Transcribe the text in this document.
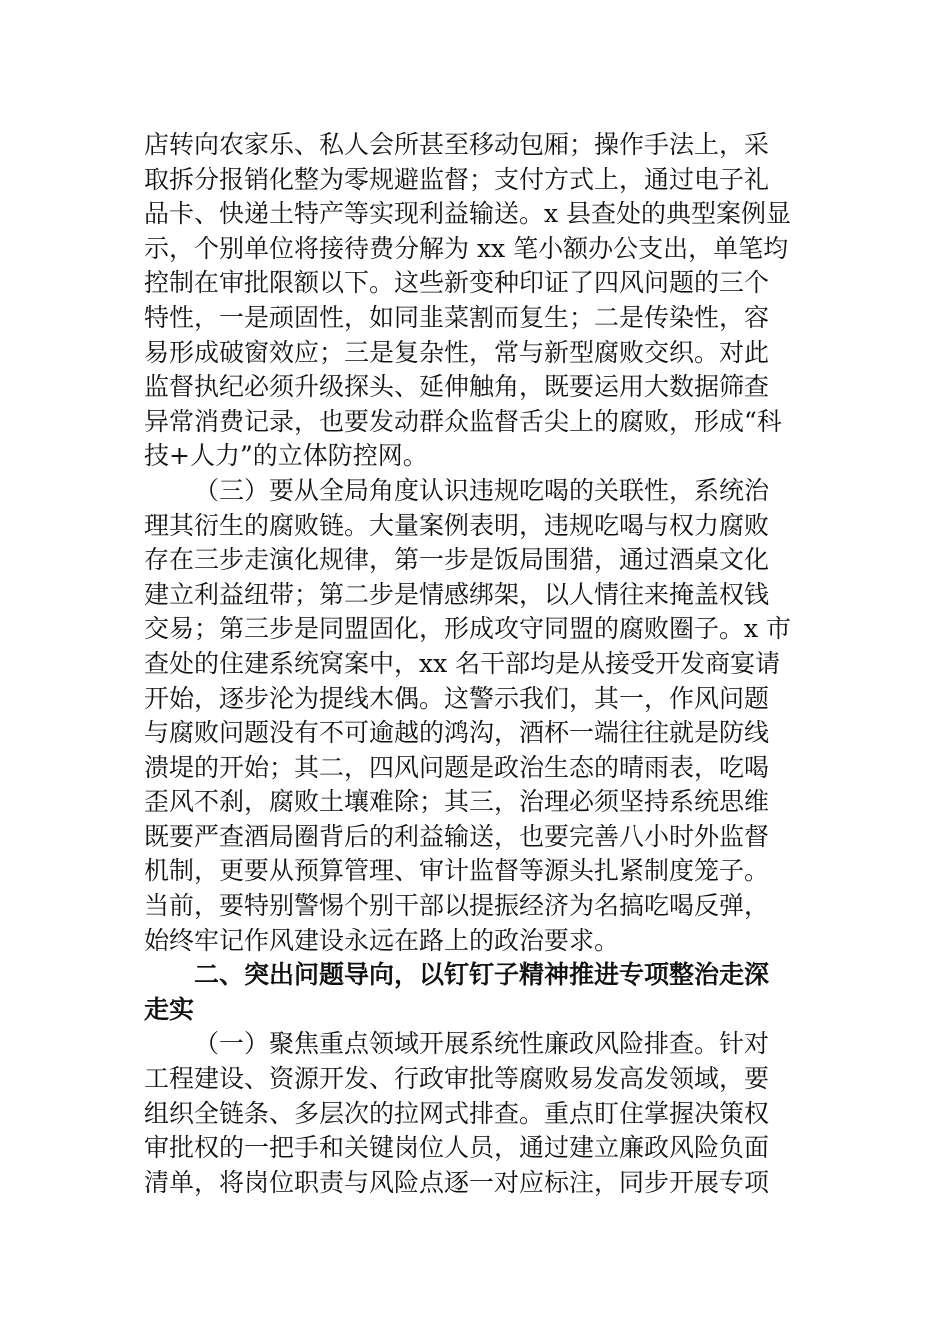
店转向农家乐、私人会所甚至移动包厢；操作手法上，采
取拆分报销化整为零规避监督；支付方式上，通过电子礼
品卡、快递土特产等实现利益输送。x 县查处的典型案例显
示，个别单位将接待费分解为 xx 笔小额办公支出，单笔均
控制在审批限额以下。这些新变种印证了四风问题的三个
特性，一是顽固性，如同韭菜割而复生；二是传染性，容
易形成破窗效应；三是复杂性，常与新型腐败交织。对此
监督执纪必须升级探头、延伸触角，既要运用大数据筛查
异常消费记录，也要发动群众监督舌尖上的腐败，形成“科
技+人力”的立体防控网。
（三）要从全局角度认识违规吃喝的关联性，系统治
理其衍生的腐败链。大量案例表明，违规吃喝与权力腐败
存在三步走演化规律，第一步是饭局围猎，通过酒桌文化
建立利益纽带；第二步是情感绑架，以人情往来掩盖权钱
交易；第三步是同盟固化，形成攻守同盟的腐败圈子。x 市
查处的住建系统窝案中，xx 名干部均是从接受开发商宴请
开始，逐步沦为提线木偶。这警示我们，其一，作风问题
与腐败问题没有不可逾越的鸿沟，酒杯一端往往就是防线
溃堤的开始；其二，四风问题是政治生态的晴雨表，吃喝
歪风不刹，腐败土壤难除；其三，治理必须坚持系统思维
既要严查酒局圈背后的利益输送，也要完善八小时外监督
机制，更要从预算管理、审计监督等源头扎紧制度笼子。
当前，要特别警惕个别干部以提振经济为名搞吃喝反弹，
始终牢记作风建设永远在路上的政治要求。
二、突出问题导向，以钉钉子精神推进专项整治走深
走实
（一）聚焦重点领域开展系统性廉政风险排查。针对
工程建设、资源开发、行政审批等腐败易发高发领域，要
组织全链条、多层次的拉网式排查。重点盯住掌握决策权
审批权的一把手和关键岗位人员，通过建立廉政风险负面
清单，将岗位职责与风险点逐一对应标注，同步开展专项
